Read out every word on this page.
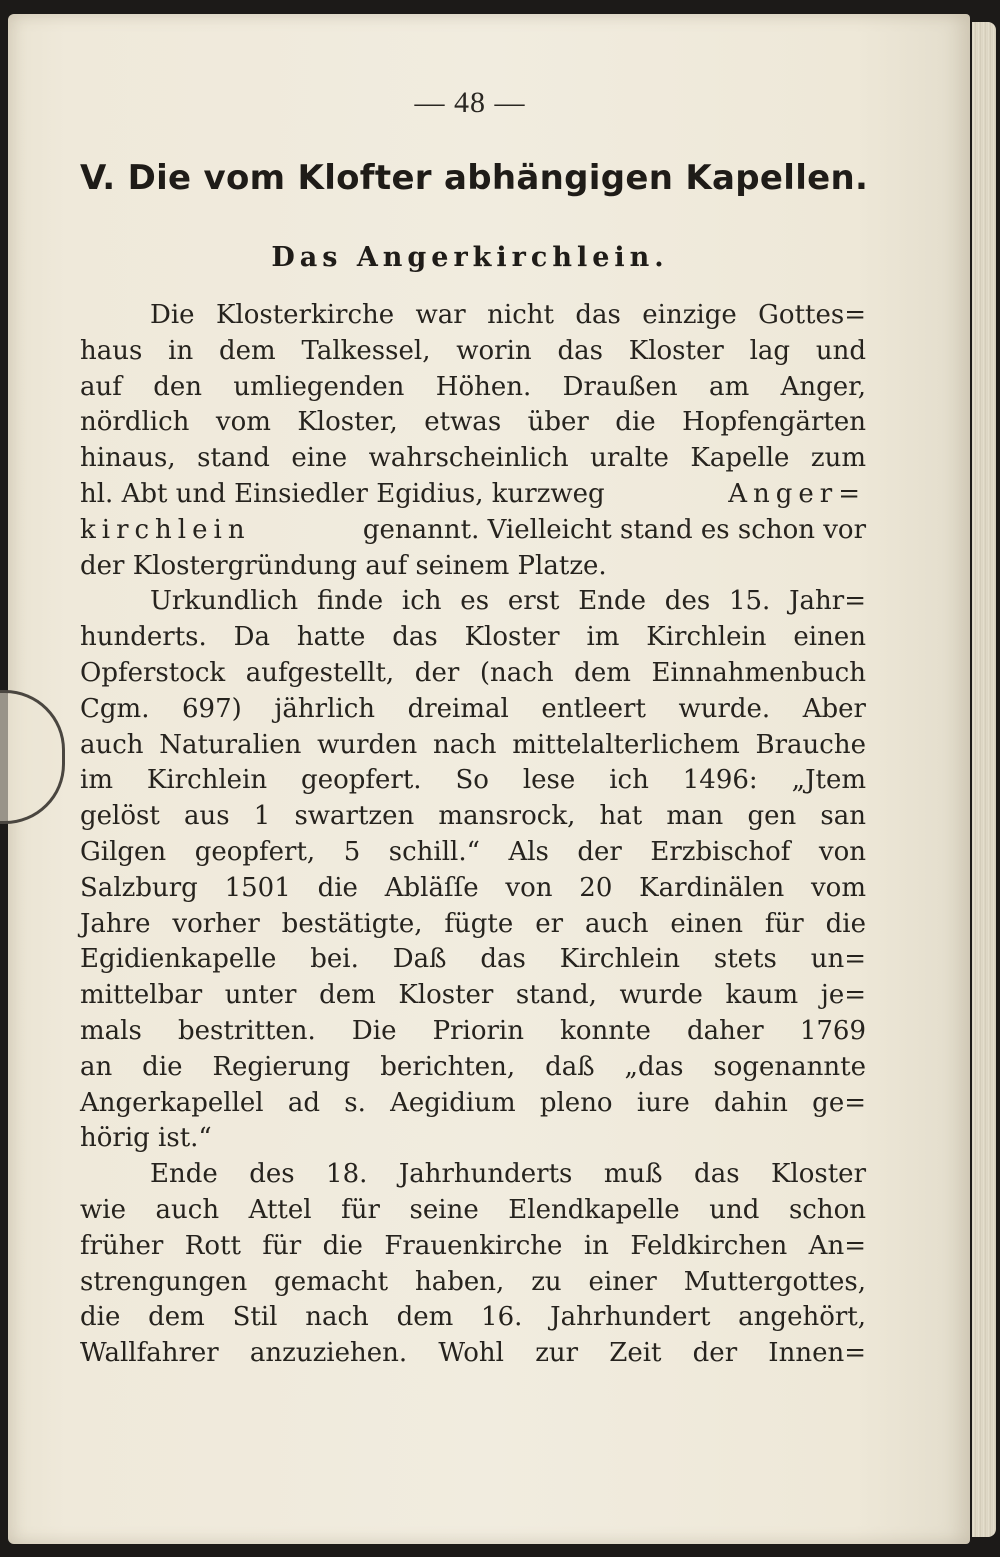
— 48 —
V. Die vom Klofter abhängigen Kapellen.
Das Angerkirchlein.
Die Klosterkirche war nicht das einzige Gottes=
haus in dem Talkessel, worin das Kloster lag und
auf den umliegenden Höhen. Draußen am Anger,
nördlich vom Kloster, etwas über die Hopfengärten
hinaus, stand eine wahrscheinlich uralte Kapelle zum
hl. Abt und Einsiedler Egidius, kurzweg	Anger=
kirchlein	genannt. Vielleicht stand es schon vor
der Klostergründung auf seinem Platze.
Urkundlich finde ich es erst Ende des 15. Jahr=
hunderts. Da hatte das Kloster im Kirchlein einen
Opferstock aufgestellt, der (nach dem Einnahmenbuch
Cgm. 697) jährlich dreimal entleert wurde. Aber
auch Naturalien wurden nach mittelalterlichem Brauche
im Kirchlein geopfert. So lese ich 1496: „Jtem
gelöst aus 1 swartzen mansrock, hat man gen san
Gilgen geopfert, 5 schill.“ Als der Erzbischof von
Salzburg 1501 die Abläſſe von 20 Kardinälen vom
Jahre vorher bestätigte, fügte er auch einen für die
Egidienkapelle bei. Daß das Kirchlein stets un=
mittelbar unter dem Kloster stand, wurde kaum je=
mals bestritten. Die Priorin konnte daher 1769
an die Regierung berichten, daß „das sogenannte
Angerkapellel ad s. Aegidium pleno iure dahin ge=
hörig ist.“
Ende des 18. Jahrhunderts muß das Kloster
wie auch Attel für seine Elendkapelle und schon
früher Rott für die Frauenkirche in Feldkirchen An=
strengungen gemacht haben, zu einer Muttergottes,
die dem Stil nach dem 16. Jahrhundert angehört,
Wallfahrer anzuziehen. Wohl zur Zeit der Innen=
